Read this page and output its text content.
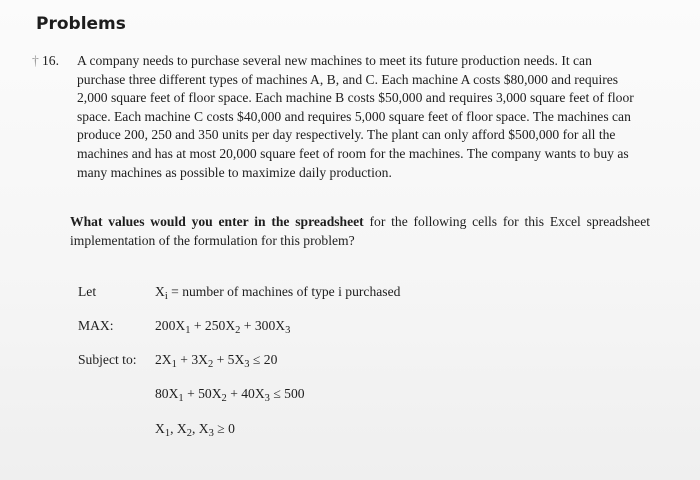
Problems
† 16.	A company needs to purchase several new machines to meet its future production needs. It can purchase three different types of machines A, B, and C. Each machine A costs $80,000 and requires 2,000 square feet of floor space. Each machine B costs $50,000 and requires 3,000 square feet of floor space. Each machine C costs $40,000 and requires 5,000 square feet of floor space. The machines can produce 200, 250 and 350 units per day respectively. The plant can only afford $500,000 for all the machines and has at most 20,000 square feet of room for the machines. The company wants to buy as many machines as possible to maximize daily production.
What values would you enter in the spreadsheet for the following cells for this Excel spreadsheet implementation of the formulation for this problem?
Let	$X_i$ = number of machines of type i purchased
MAX:	$200X_1 + 250X_2 + 300X_3$
Subject to: $2X_1 + 3X_2 + 5X_3 \le 20$
$80X_1 + 50X_2 + 40X_3 \le 500$
$X_1$, $X_2$, $X_3 \ge 0$
